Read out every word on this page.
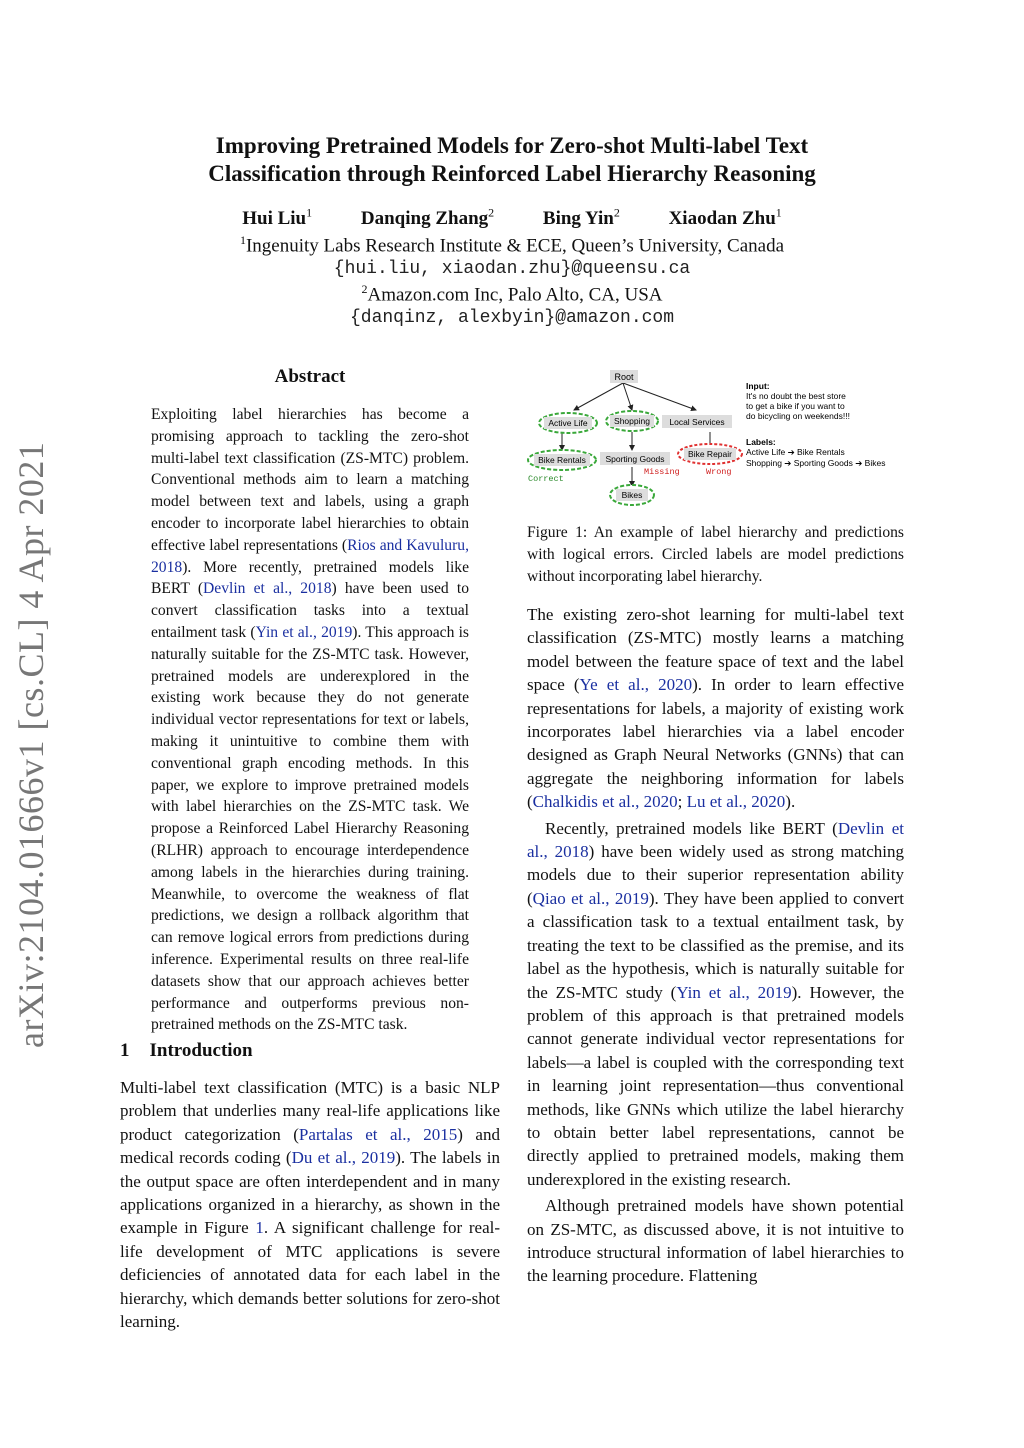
arXiv:2104.01666v1 [cs.CL] 4 Apr 2021
Improving Pretrained Models for Zero-shot Multi-label Text
Classification through Reinforced Label Hierarchy Reasoning
Hui Liu$^1$	Danqing Zhang$^2$	Bing Yin$^2$	Xiaodan Zhu$^1$
$^1$Ingenuity Labs Research Institute & ECE, Queen’s University, Canada
{hui.liu, xiaodan.zhu}@queensu.ca
$^2$Amazon.com Inc, Palo Alto, CA, USA
{danqinz, alexbyin}@amazon.com
Abstract
Exploiting label hierarchies has become a promising approach to tackling the zero-shot multi-label text classification (ZS-MTC) problem. Conventional methods aim to learn a matching model between text and labels, using a graph encoder to incorporate label hierarchies to obtain effective label representations (Rios and Kavuluru, 2018). More recently, pretrained models like BERT (Devlin et al., 2018) have been used to convert classification tasks into a textual entailment task (Yin et al., 2019). This approach is naturally suitable for the ZS-MTC task. However, pretrained models are underexplored in the existing work because they do not generate individual vector representations for text or labels, making it unintuitive to combine them with conventional graph encoding methods. In this paper, we explore to improve pretrained models with label hierarchies on the ZS-MTC task. We propose a Reinforced Label Hierarchy Reasoning (RLHR) approach to encourage interdependence among labels in the hierarchies during training. Meanwhile, to overcome the weakness of flat predictions, we design a rollback algorithm that can remove logical errors from predictions during inference. Experimental results on three real-life datasets show that our approach achieves better performance and outperforms previous non-pretrained methods on the ZS-MTC task.
1 Introduction
Multi-label text classification (MTC) is a basic NLP problem that underlies many real-life applications like product categorization (Partalas et al., 2015) and medical records coding (Du et al., 2019). The labels in the output space are often interdependent and in many applications organized in a hierarchy, as shown in the example in Figure 1. A significant challenge for real-life development of MTC applications is severe deficiencies of annotated data for each label in the hierarchy, which demands better solutions for zero-shot learning.
Root
Active Life	Shopping Local Services
Bike Rentals Sporting Goods	Bike Repair
Bikes
Correct
Missing	Wrong
Input:
It's no doubt the best store
to get a bike if you want to
do bicycling on weekends!!!
Labels:
Active Life ➔ Bike Rentals
Shopping ➔ Sporting Goods ➔ Bikes
Figure 1: An example of label hierarchy and predictions with logical errors. Circled labels are model predictions without incorporating label hierarchy.

The existing zero-shot learning for multi-label text classification (ZS-MTC) mostly learns a matching model between the feature space of text and the label space (Ye et al., 2020). In order to learn effective representations for labels, a majority of existing work incorporates label hierarchies via a label encoder designed as Graph Neural Networks (GNNs) that can aggregate the neighboring information for labels (Chalkidis et al., 2020; Lu et al., 2020).

Recently, pretrained models like BERT (Devlin et al., 2018) have been widely used as strong matching models due to their superior representation ability (Qiao et al., 2019). They have been applied to convert a classification task to a textual entailment task, by treating the text to be classified as the premise, and its label as the hypothesis, which is naturally suitable for the ZS-MTC study (Yin et al., 2019). However, the problem of this approach is that pretrained models cannot generate individual vector representations for labels—a label is coupled with the corresponding text in learning joint representation—thus conventional methods, like GNNs which utilize the label hierarchy to obtain better label representations, cannot be directly applied to pretrained models, making them underexplored in the existing research.

Although pretrained models have shown potential on ZS-MTC, as discussed above, it is not intuitive to introduce structural information of label hierarchies to the learning procedure. Flattening
